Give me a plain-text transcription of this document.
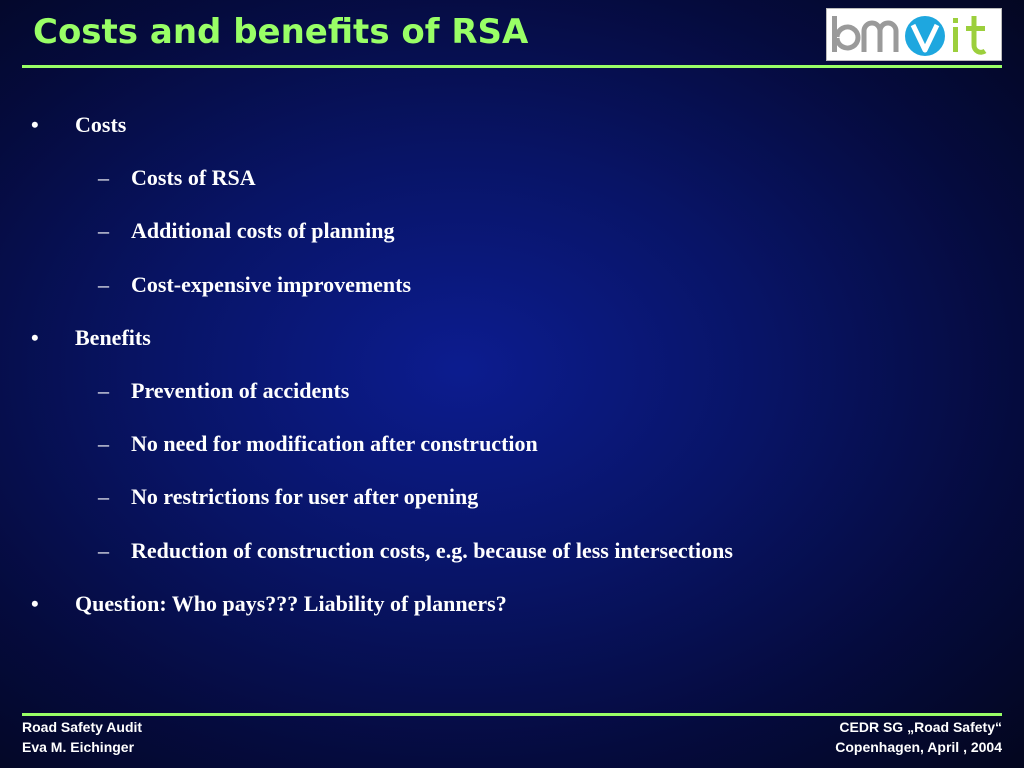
Costs and benefits of RSA
• Costs
– Costs of RSA
– Additional costs of planning
– Cost-expensive improvements
• Benefits
– Prevention of accidents
– No need for modification after construction
– No restrictions for user after opening
– Reduction of construction costs, e.g. because of less intersections
• Question: Who pays??? Liability of planners?
Road Safety Audit
Eva M. Eichinger
CEDR SG „Road Safety“
Copenhagen, April , 2004
